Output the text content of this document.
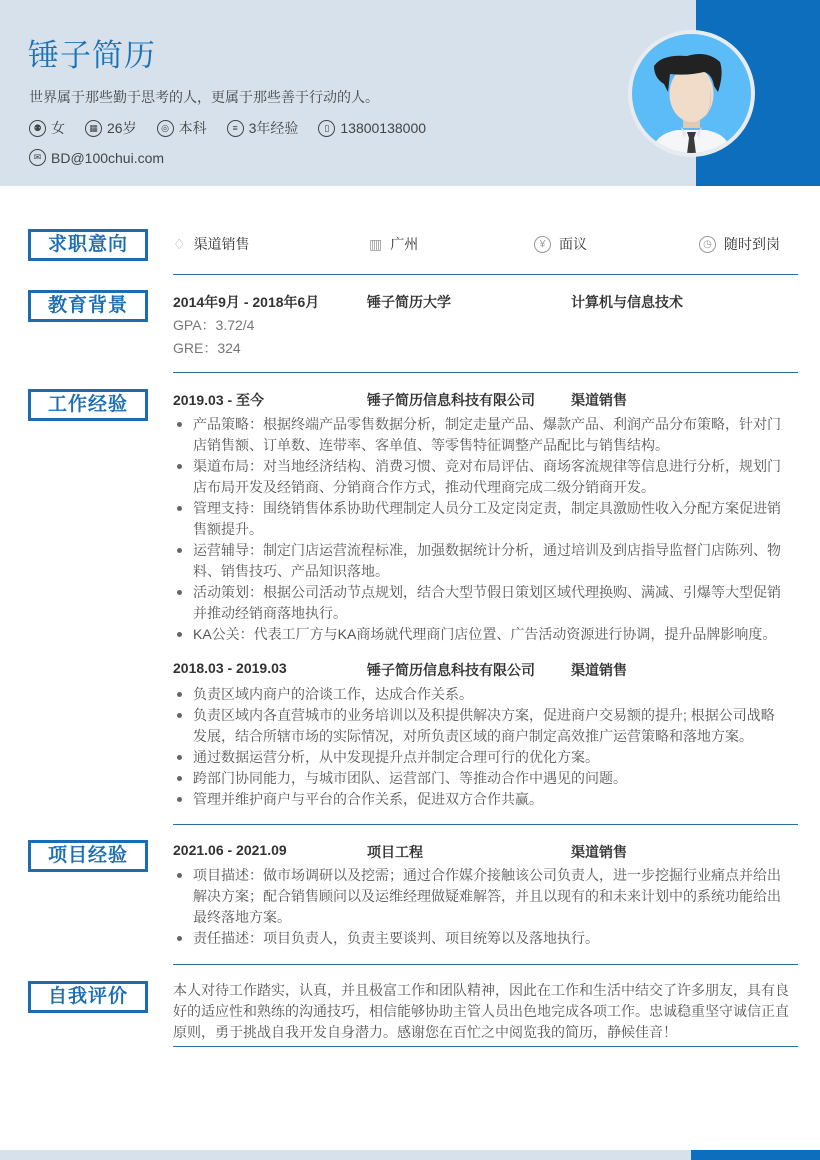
锤子简历
世界属于那些勤于思考的人，更属于那些善于行动的人。
⚉ 女	▦ 26岁	◎ 本科	≡ 3年经验	▯ 13800138000
✉ BD@100chui.com
求职意向	♢ 渠道销售	▥ 广州	¥ 面议	◷ 随时到岗
教育背景	2014年9月 - 2018年6月	锤子简历大学	计算机与信息技术
GPA：3.72/4
GRE：324
工作经验	2019.03 - 至今	锤子简历信息科技有限公司	渠道销售
产品策略：根据终端产品零售数据分析，制定走量产品、爆款产品、利润产品分布策略，针对门店销售额、订单数、连带率、客单值、等零售特征调整产品配比与销售结构。
渠道布局：对当地经济结构、消费习惯、竞对布局评估、商场客流规律等信息进行分析，规划门店布局开发及经销商、分销商合作方式，推动代理商完成二级分销商开发。
管理支持：围绕销售体系协助代理制定人员分工及定岗定责，制定具激励性收入分配方案促进销售额提升。
运营辅导：制定门店运营流程标准，加强数据统计分析，通过培训及到店指导监督门店陈列、物料、销售技巧、产品知识落地。
活动策划：根据公司活动节点规划，结合大型节假日策划区域代理换购、满减、引爆等大型促销并推动经销商落地执行。
KA公关：代表工厂方与KA商场就代理商门店位置、广告活动资源进行协调，提升品牌影响度。
2018.03 - 2019.03	锤子简历信息科技有限公司	渠道销售
负责区域内商户的洽谈工作，达成合作关系。
负责区域内各直营城市的业务培训以及积提供解决方案，促进商户交易额的提升; 根据公司战略发展，结合所辖市场的实际情况，对所负责区域的商户制定高效推广运营策略和落地方案。
通过数据运营分析，从中发现提升点并制定合理可行的优化方案。
跨部门协同能力，与城市团队、运营部门、等推动合作中遇见的问题。
管理并维护商户与平台的合作关系，促进双方合作共赢。
项目经验	2021.06 - 2021.09	项目工程	渠道销售
项目描述：做市场调研以及挖需；通过合作媒介接触该公司负责人，进一步挖掘行业痛点并给出解决方案；配合销售顾问以及运维经理做疑难解答，并且以现有的和未来计划中的系统功能给出最终落地方案。
责任描述：项目负责人，负责主要谈判、项目统筹以及落地执行。
自我评价	本人对待工作踏实，认真，并且极富工作和团队精神，因此在工作和生活中结交了许多朋友，具有良好的适应性和熟练的沟通技巧，相信能够协助主管人员出色地完成各项工作。忠诚稳重坚守诚信正直原则，勇于挑战自我开发自身潜力。感谢您在百忙之中阅览我的简历，静候佳音！
